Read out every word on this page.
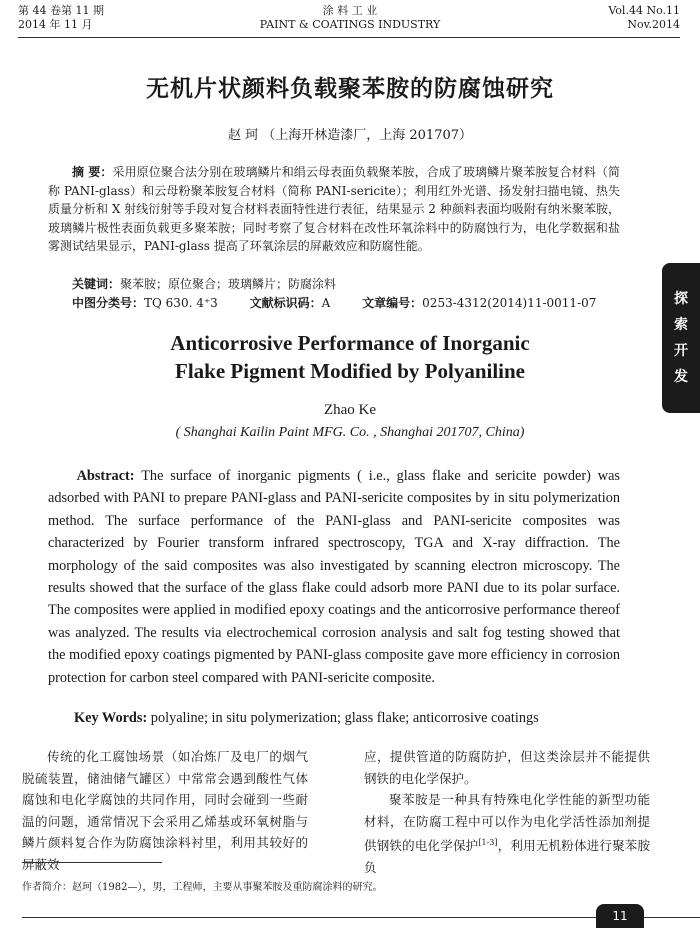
第 44 卷第 11 期
2014 年 11 月
涂 料 工 业
PAINT & COATINGS INDUSTRY
Vol.44 No.11
Nov.2014
无机片状颜料负载聚苯胺的防腐蚀研究
赵 珂 （上海开林造漆厂，上海 201707）
摘 要：采用原位聚合法分别在玻璃鳞片和绢云母表面负载聚苯胺，合成了玻璃鳞片聚苯胺复合材料（简称 PANI-glass）和云母粉聚苯胺复合材料（简称 PANI-sericite）；利用红外光谱、扬发射扫描电镜、热失质量分析和 X 射线衍射等手段对复合材料表面特性进行表征，结果显示 2 种颜料表面均吸附有纳米聚苯胺，玻璃鳞片极性表面负载更多聚苯胺；同时考察了复合材料在改性环氧涂料中的防腐蚀行为，电化学数据和盐雾测试结果显示，PANI-glass 提高了环氧涂层的屏蔽效应和防腐性能。
关键词：聚苯胺；原位聚合；玻璃鳞片；防腐涂料
中图分类号：TQ 630. 4⁺3	文献标识码：A	文章编号：0253-4312(2014)11-0011-07
Anticorrosive Performance of Inorganic
Flake Pigment Modified by Polyaniline
Zhao Ke
( Shanghai Kailin Paint MFG. Co. , Shanghai 201707, China)
Abstract: The surface of inorganic pigments ( i.e., glass flake and sericite powder) was adsorbed with PANI to prepare PANI-glass and PANI-sericite composites by in situ polymerization method. The surface performance of the PANI-glass and PANI-sericite composites was characterized by Fourier transform infrared spectroscopy, TGA and X-ray diffraction. The morphology of the said composites was also investigated by scanning electron microscopy. The results showed that the surface of the glass flake could adsorb more PANI due to its polar surface. The composites were applied in modified epoxy coatings and the anticorrosive performance thereof was analyzed. The results via electrochemical corrosion analysis and salt fog testing showed that the modified epoxy coatings pigmented by PANI-glass composite gave more efficiency in corrosion protection for carbon steel compared with PANI-sericite composite.
Key Words: polyaline; in situ polymerization; glass flake; anticorrosive coatings

传统的化工腐蚀场景（如冶炼厂及电厂的烟气脱硫装置，储油储气罐区）中常常会遇到酸性气体腐蚀和电化学腐蚀的共同作用，同时会碰到一些耐温的问题，通常情况下会采用乙烯基或环氧树脂与鳞片颜料复合作为防腐蚀涂料衬里，利用其较好的屏蔽效

应，提供管道的防腐防护，但这类涂层并不能提供钢铁的电化学保护。

聚苯胺是一种具有特殊电化学性能的新型功能材料，在防腐工程中可以作为电化学活性添加剂提供钢铁的电化学保护[1-3]，利用无机粉体进行聚苯胺负

作者简介：赵珂（1982—），男，工程师，主要从事聚苯胺及重防腐涂料的研究。
探
索
开
发
11
